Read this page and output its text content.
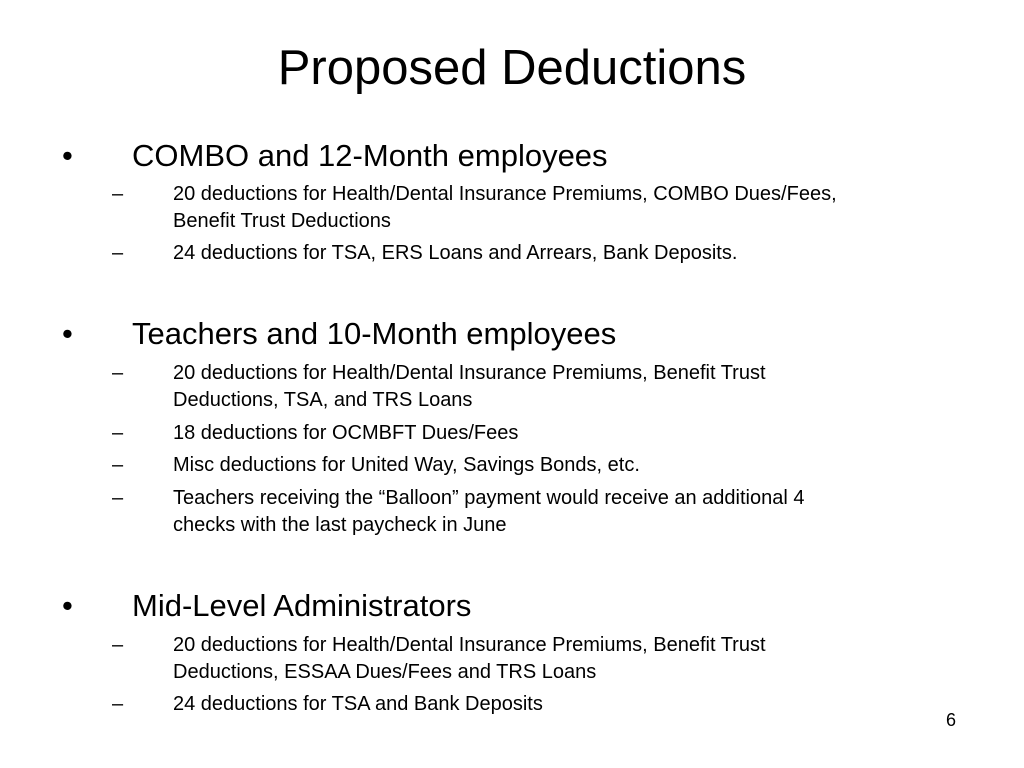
Proposed Deductions
• COMBO and 12-Month employees
– 20 deductions for Health/Dental Insurance Premiums, COMBO Dues/Fees,
Benefit Trust Deductions
– 24 deductions for TSA, ERS Loans and Arrears, Bank Deposits.
• Teachers and 10-Month employees
– 20 deductions for Health/Dental Insurance Premiums, Benefit Trust
Deductions, TSA, and TRS Loans
– 18 deductions for OCMBFT Dues/Fees
– Misc deductions for United Way, Savings Bonds, etc.
– Teachers receiving the “Balloon” payment would receive an additional 4
checks with the last paycheck in June
• Mid-Level Administrators
– 20 deductions for Health/Dental Insurance Premiums, Benefit Trust
Deductions, ESSAA Dues/Fees and TRS Loans
– 24 deductions for TSA and Bank Deposits
6
